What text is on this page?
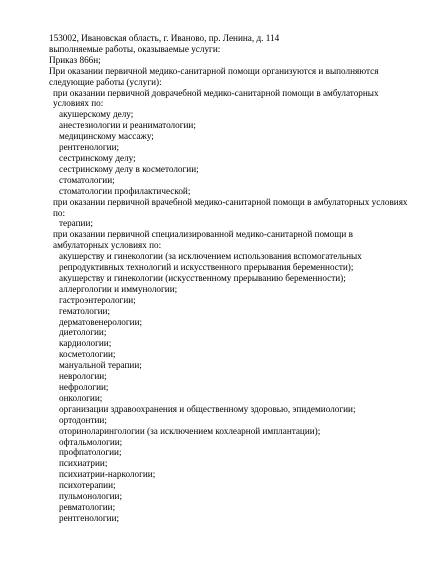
153002, Ивановская область, г. Иваново, пр. Ленина, д. 114
выполняемые работы, оказываемые услуги:
Приказ 866н;
При оказании первичной медико-санитарной помощи организуются и выполняются следующие работы (услуги):
при оказании первичной доврачебной медико-санитарной помощи в амбулаторных условиях по:
акушерскому делу;
анестезиологии и реаниматологии;
медицинскому массажу;
рентгенологии;
сестринскому делу;
сестринскому делу в косметологии;
стоматологии;
стоматологии профилактической;
при оказании первичной врачебной медико-санитарной помощи в амбулаторных условиях по:
терапии;
при оказании первичной специализированной медико-санитарной помощи в амбулаторных условиях по:
акушерству и гинекологии (за исключением использования вспомогательных репродуктивных технологий и искусственного прерывания беременности);
акушерству и гинекологии (искусственному прерыванию беременности);
аллергологии и иммунологии;
гастроэнтерологии;
гематологии;
дерматовенерологии;
диетологии;
кардиологии;
косметологии;
мануальной терапии;
неврологии;
нефрологии;
онкологии;
организации здравоохранения и общественному здоровью, эпидемиологии;
ортодонтии;
оториноларингологии (за исключением кохлеарной имплантации);
офтальмологии;
профпатологии;
психиатрии;
психиатрии-наркологии;
психотерапии;
пульмонологии;
ревматологии;
рентгенологии;
